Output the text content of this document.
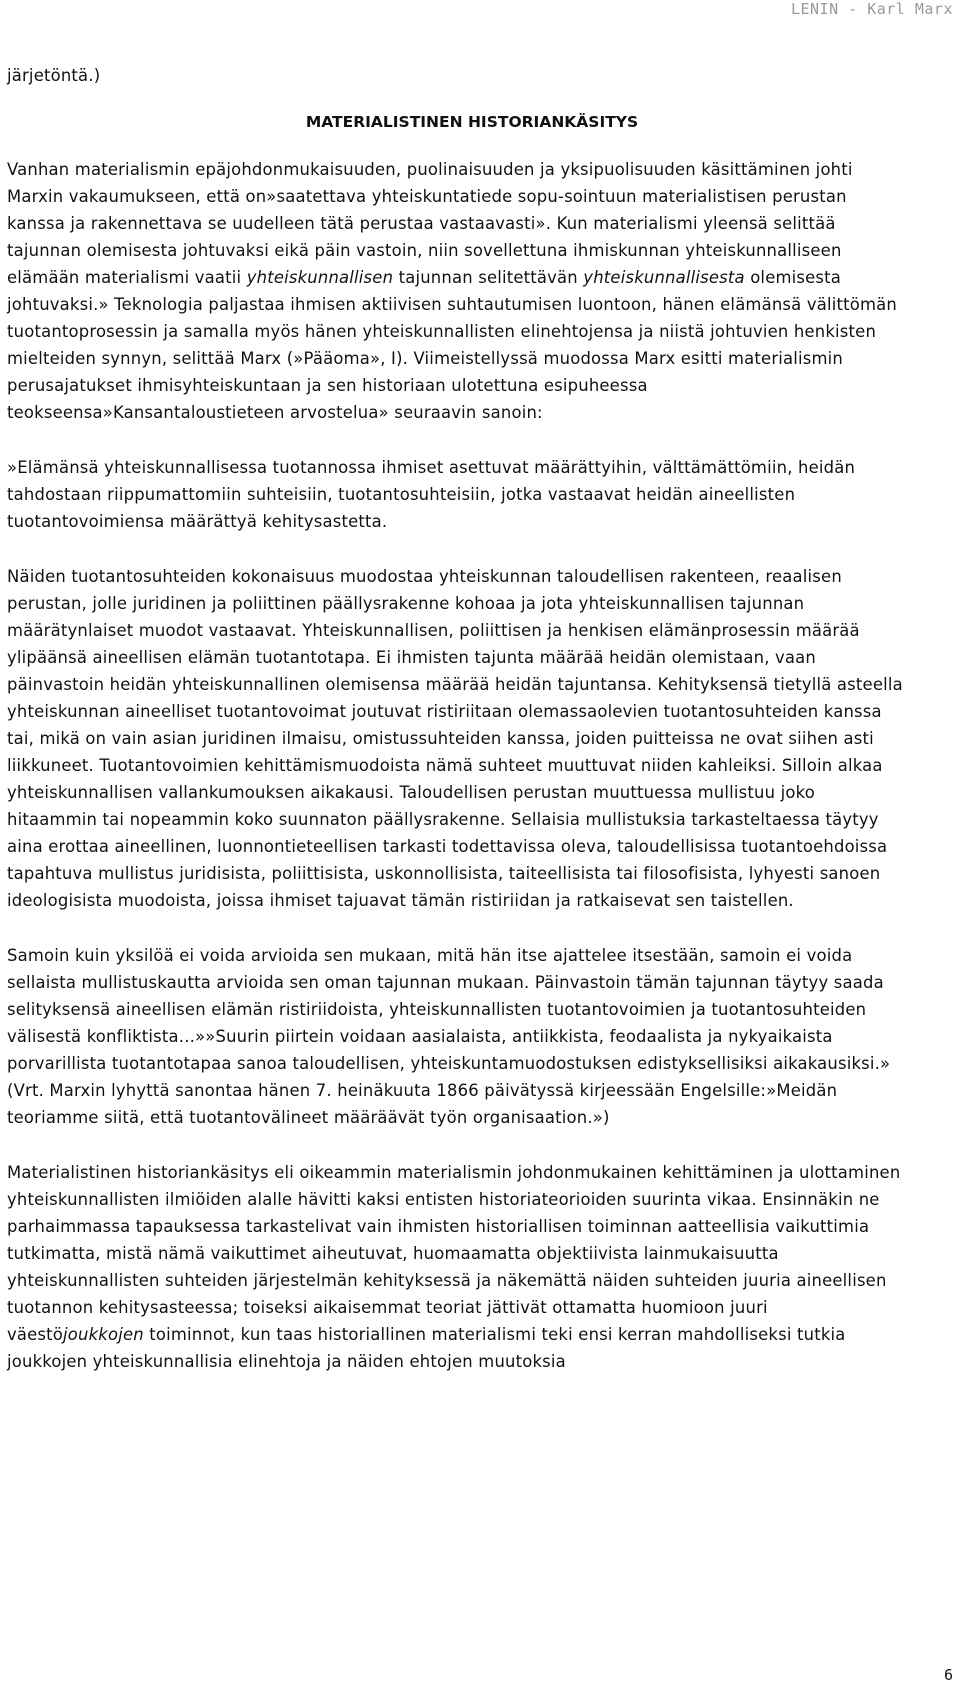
LENIN - Karl Marx

järjetöntä.)

MATERIALISTINEN HISTORIANKÄSITYS

Vanhan materialismin epäjohdonmukaisuuden, puolinaisuuden ja yksipuolisuuden käsittäminen johti Marxin vakaumukseen, että on»saatettava yhteiskuntatiede sopu-sointuun materialistisen perustan kanssa ja rakennettava se uudelleen tätä perustaa vastaavasti». Kun materialismi yleensä selittää tajunnan olemisesta johtuvaksi eikä päin vastoin, niin sovellettuna ihmiskunnan yhteiskunnalliseen elämään materialismi vaatii yhteiskunnallisen tajunnan selitettävän yhteiskunnallisesta olemisesta johtuvaksi.» Teknologia paljastaa ihmisen aktiivisen suhtautumisen luontoon, hänen elämänsä välittömän tuotantoprosessin ja samalla myös hänen yhteiskunnallisten elinehtojensa ja niistä johtuvien henkisten mielteiden synnyn, selittää Marx (»Pääoma», I). Viimeistellyssä muodossa Marx esitti materialismin perusajatukset ihmisyhteiskuntaan ja sen historiaan ulotettuna esipuheessa teokseensa»Kansantaloustieteen arvostelua» seuraavin sanoin:

»Elämänsä yhteiskunnallisessa tuotannossa ihmiset asettuvat määrättyihin, välttämättömiin, heidän tahdostaan riippumattomiin suhteisiin, tuotantosuhteisiin, jotka vastaavat heidän aineellisten tuotantovoimiensa määrättyä kehitysastetta.

Näiden tuotantosuhteiden kokonaisuus muodostaa yhteiskunnan taloudellisen rakenteen, reaalisen perustan, jolle juridinen ja poliittinen päällysrakenne kohoaa ja jota yhteiskunnallisen tajunnan määrätynlaiset muodot vastaavat. Yhteiskunnallisen, poliittisen ja henkisen elämänprosessin määrää ylipäänsä aineellisen elämän tuotantotapa. Ei ihmisten tajunta määrää heidän olemistaan, vaan päinvastoin heidän yhteiskunnallinen olemisensa määrää heidän tajuntansa. Kehityksensä tietyllä asteella yhteiskunnan aineelliset tuotantovoimat joutuvat ristiriitaan olemassaolevien tuotantosuhteiden kanssa tai, mikä on vain asian juridinen ilmaisu, omistussuhteiden kanssa, joiden puitteissa ne ovat siihen asti liikkuneet. Tuotantovoimien kehittämismuodoista nämä suhteet muuttuvat niiden kahleiksi. Silloin alkaa yhteiskunnallisen vallankumouksen aikakausi. Taloudellisen perustan muuttuessa mullistuu joko hitaammin tai nopeammin koko suunnaton päällysrakenne. Sellaisia mullistuksia tarkasteltaessa täytyy aina erottaa aineellinen, luonnontieteellisen tarkasti todettavissa oleva, taloudellisissa tuotantoehdoissa tapahtuva mullistus juridisista, poliittisista, uskonnollisista, taiteellisista tai filosofisista, lyhyesti sanoen ideologisista muodoista, joissa ihmiset tajuavat tämän ristiriidan ja ratkaisevat sen taistellen.

Samoin kuin yksilöä ei voida arvioida sen mukaan, mitä hän itse ajattelee itsestään, samoin ei voida sellaista mullistuskautta arvioida sen oman tajunnan mukaan. Päinvastoin tämän tajunnan täytyy saada selityksensä aineellisen elämän ristiriidoista, yhteiskunnallisten tuotantovoimien ja tuotantosuhteiden välisestä konfliktista...»»Suurin piirtein voidaan aasialaista, antiikkista, feodaalista ja nykyaikaista porvarillista tuotantotapaa sanoa taloudellisen, yhteiskuntamuodostuksen edistyksellisiksi aikakausiksi.» (Vrt. Marxin lyhyttä sanontaa hänen 7. heinäkuuta 1866 päivätyssä kirjeessään Engelsille:»Meidän teoriamme siitä, että tuotantovälineet määräävät työn organisaation.»)

Materialistinen historiankäsitys eli oikeammin materialismin johdonmukainen kehittäminen ja ulottaminen yhteiskunnallisten ilmiöiden alalle hävitti kaksi entisten historiateorioiden suurinta vikaa. Ensinnäkin ne parhaimmassa tapauksessa tarkastelivat vain ihmisten historiallisen toiminnan aatteellisia vaikuttimia tutkimatta, mistä nämä vaikuttimet aiheutuvat, huomaamatta objektiivista lainmukaisuutta yhteiskunnallisten suhteiden järjestelmän kehityksessä ja näkemättä näiden suhteiden juuria aineellisen tuotannon kehitysasteessa; toiseksi aikaisemmat teoriat jättivät ottamatta huomioon juuri väestöjoukkojen toiminnot, kun taas historiallinen materialismi teki ensi kerran mahdolliseksi tutkia joukkojen yhteiskunnallisia elinehtoja ja näiden ehtojen muutoksia

6
